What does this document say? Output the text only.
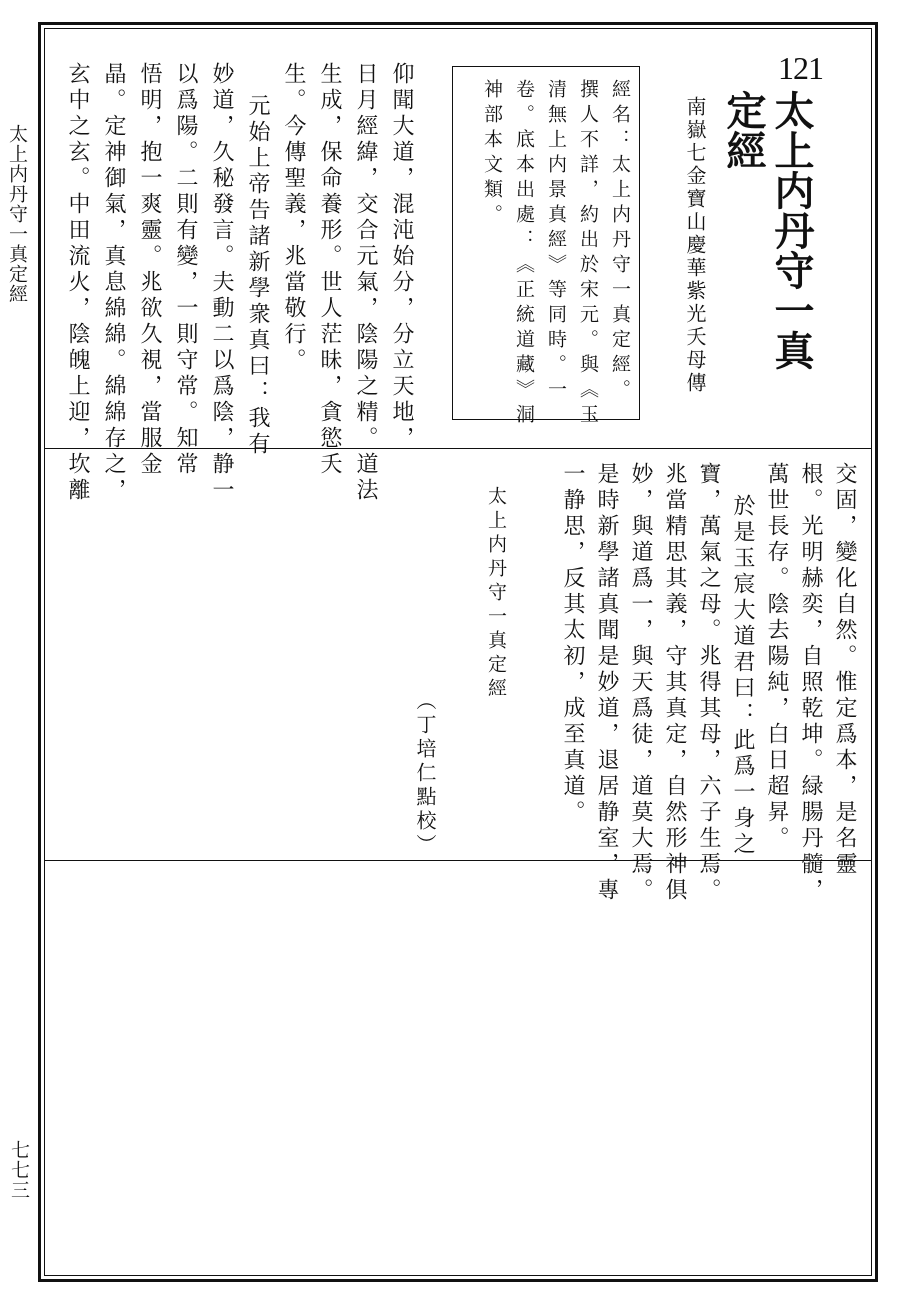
太上内丹守一真定經

七七三

121

太上内丹守一真

定經

南嶽七金寶山慶華紫光夭母傳

經名：太上内丹守一真定經。

撰人不詳，約出於宋元。與《玉

清無上内景真經》等同時。一

卷。底本出處：《正統道藏》洞

神部本文類。

仰聞大道，混沌始分，分立天地，

日月經緯，交合元氣，陰陽之精。道法

生成，保命養形。世人茫昧，貪慾夭

生。今傳聖義，兆當敬行。

元始上帝告諸新學衆真曰：我有

妙道，久秘發言。夫動二以爲陰，静一

以爲陽。二則有變，一則守常。知常

悟明，抱一爽靈。兆欲久視，當服金

晶。定神御氣，真息綿綿。綿綿存之，

玄中之玄。中田流火，陰魄上迎，坎離

交固，變化自然。惟定爲本，是名靈

根。光明赫奕，自照乾坤。緑腸丹髓，

萬世長存。陰去陽純，白日超昇。

於是玉宸大道君曰：此爲一身之

寶，萬氣之母。兆得其母，六子生焉。

兆當精思其義，守其真定，自然形神俱

妙，與道爲一，與天爲徒，道莫大焉。

是時新學諸真聞是妙道，退居静室，專

一静思，反其太初，成至真道。

太上内丹守一真定經

（丁培仁點校）
